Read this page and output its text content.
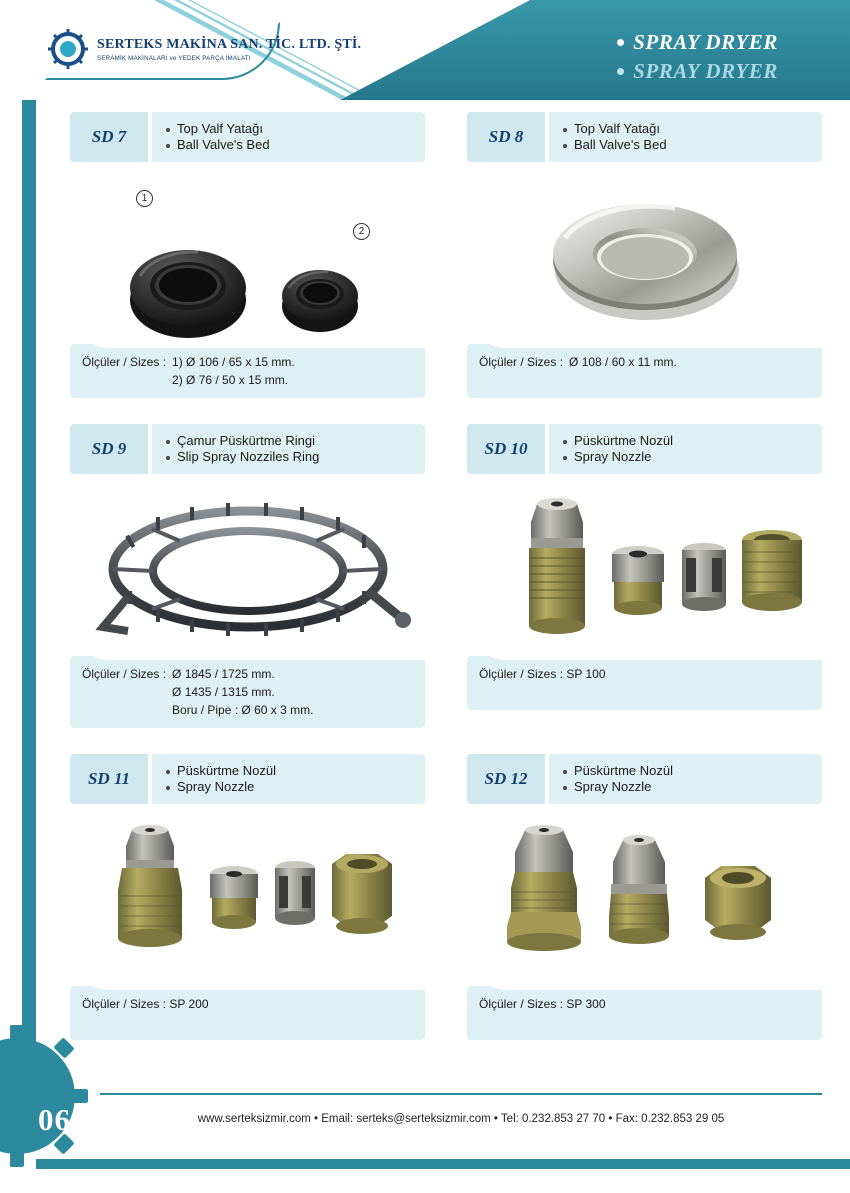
SERTEKS MAKİNA SAN. TİC. LTD. ŞTİ.
SERAMİK MAKİNALARI ve YEDEK PARÇA İMALATI
SPRAY DRYER
SPRAY DRYER
06
SD 7	Top Valf Yatağı
Ball Valve's Bed
1
2
Ölçüler / Sizes : 1) Ø 106 / 65 x 15 mm.
2) Ø 76 / 50 x 15 mm.
SD 8	Top Valf Yatağı
Ball Valve's Bed
Ölçüler / Sizes : Ø 108 / 60 x 11 mm.
SD 9	Çamur Püskürtme Ringi
Slip Spray Nozziles Ring
Ölçüler / Sizes : Ø 1845 / 1725 mm.
Ø 1435 / 1315 mm.
Boru / Pipe : Ø 60 x 3 mm.
SD 10	Püskürtme Nozül
Spray Nozzle
Ölçüler / Sizes : SP 100
SD 11	Püskürtme Nozül
Spray Nozzle
Ölçüler / Sizes : SP 200
SD 12	Püskürtme Nozül
Spray Nozzle
Ölçüler / Sizes : SP 300
www.serteksizmir.com • Email: serteks@serteksizmir.com • Tel: 0.232.853 27 70 • Fax: 0.232.853 29 05
